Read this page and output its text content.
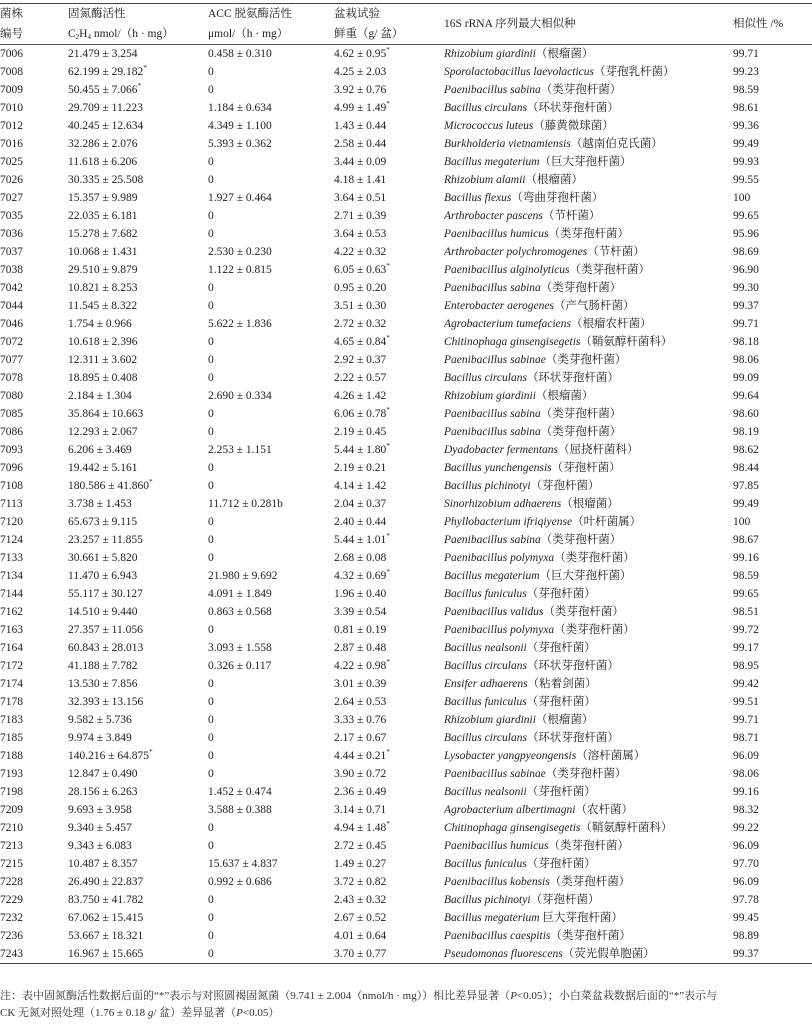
菌株	固氮酶活性	ACC 脱氨酶活性	盆栽试验	16S rRNA 序列最大相似种	相似性 /%
编号	$C_2H_4$ nmol/（h · mg）	μmol/（h · mg）	鲜重（g/ 盆）		
7006	21.479 ± 3.254	0.458 ± 0.310	4.62 ± 0.95*	Rhizobium giardinii（根瘤菌）	99.71
7008	62.199 ± 29.182*	0	4.25 ± 2.03	Sporolactobacillus laevolacticus（芽孢乳杆菌）	99.23
7009	50.455 ± 7.066*	0	3.92 ± 0.76	Paenibacillus sabina（类芽孢杆菌）	98.59
7010	29.709 ± 11.223	1.184 ± 0.634	4.99 ± 1.49*	Bacillus circulans（环状芽孢杆菌）	98.61
7012	40.245 ± 12.634	4.349 ± 1.100	1.43 ± 0.44	Micrococcus luteus（藤黄微球菌）	99.36
7016	32.286 ± 2.076	5.393 ± 0.362	2.58 ± 0.44	Burkholderia vietnamiensis（越南伯克氏菌）	99.49
7025	11.618 ± 6.206	0	3.44 ± 0.09	Bacillus megaterium（巨大芽孢杆菌）	99.93
7026	30.335 ± 25.508	0	4.18 ± 1.41	Rhizobium alamii（根瘤菌）	99.55
7027	15.357 ± 9.989	1.927 ± 0.464	3.64 ± 0.51	Bacillus flexus（弯曲芽孢杆菌）	100
7035	22.035 ± 6.181	0	2.71 ± 0.39	Arthrobacter pascens（节杆菌）	99.65
7036	15.278 ± 7.682	0	3.64 ± 0.53	Paenibacillus humicus（类芽孢杆菌）	95.96
7037	10.068 ± 1.431	2.530 ± 0.230	4.22 ± 0.32	Arthrobacter polychromogenes（节杆菌）	98.69
7038	29.510 ± 9.879	1.122 ± 0.815	6.05 ± 0.63*	Paenibacillus alginolyticus（类芽孢杆菌）	96.90
7042	10.821 ± 8.253	0	0.95 ± 0.20	Paenibacillus sabina（类芽孢杆菌）	99.30
7044	11.545 ± 8.322	0	3.51 ± 0.30	Enterobacter aerogenes（产气肠杆菌）	99.37
7046	1.754 ± 0.966	5.622 ± 1.836	2.72 ± 0.32	Agrobacterium tumefaciens（根瘤农杆菌）	99.71
7072	10.618 ± 2.396	0	4.65 ± 0.84*	Chitinophaga ginsengisegetis（鞘氨醇杆菌科）	98.18
7077	12.311 ± 3.602	0	2.92 ± 0.37	Paenibacillus sabinae（类芽孢杆菌）	98.06
7078	18.895 ± 0.408	0	2.22 ± 0.57	Bacillus circulans（环状芽孢杆菌）	99.09
7080	2.184 ± 1.304	2.690 ± 0.334	4.26 ± 1.42	Rhizobium giardinii（根瘤菌）	99.64
7085	35.864 ± 10.663	0	6.06 ± 0.78*	Paenibacillus sabina（类芽孢杆菌）	98.60
7086	12.293 ± 2.067	0	2.19 ± 0.45	Paenibacillus sabina（类芽孢杆菌）	98.19
7093	6.206 ± 3.469	2.253 ± 1.151	5.44 ± 1.80*	Dyadobacter fermentans（屈挠杆菌科）	98.62
7096	19.442 ± 5.161	0	2.19 ± 0.21	Bacillus yunchengensis（芽孢杆菌）	98.44
7108	180.586 ± 41.860*	0	4.14 ± 1.42	Bacillus pichinotyi（芽孢杆菌）	97.85
7113	3.738 ± 1.453	11.712 ± 0.281b	2.04 ± 0.37	Sinorhizobium adhaerens（根瘤菌）	99.49
7120	65.673 ± 9.115	0	2.40 ± 0.44	Phyllobacterium ifriqiyense（叶杆菌属）	100
7124	23.257 ± 11.855	0	5.44 ± 1.01*	Paenibacillus sabina（类芽孢杆菌）	98.67
7133	30.661 ± 5.820	0	2.68 ± 0.08	Paenibacillus polymyxa（类芽孢杆菌）	99.16
7134	11.470 ± 6.943	21.980 ± 9.692	4.32 ± 0.69*	Bacillus megaterium（巨大芽孢杆菌）	98.59
7144	55.117 ± 30.127	4.091 ± 1.849	1.96 ± 0.40	Bacillus funiculus（芽孢杆菌）	99.65
7162	14.510 ± 9.440	0.863 ± 0.568	3.39 ± 0.54	Paenibacillus validus（类芽孢杆菌）	98.51
7163	27.357 ± 11.056	0	0.81 ± 0.19	Paenibacillus polymyxa（类芽孢杆菌）	99.72
7164	60.843 ± 28.013	3.093 ± 1.558	2.87 ± 0.48	Bacillus nealsonii（芽孢杆菌）	99.17
7172	41.188 ± 7.782	0.326 ± 0.117	4.22 ± 0.98*	Bacillus circulans（环状芽孢杆菌）	98.95
7174	13.530 ± 7.856	0	3.01 ± 0.39	Ensifer adhaerens（粘着剑菌）	99.42
7178	32.393 ± 13.156	0	2.64 ± 0.53	Bacillus funiculus（芽孢杆菌）	99.51
7183	9.582 ± 5.736	0	3.33 ± 0.76	Rhizobium giardinii（根瘤菌）	99.71
7185	9.974 ± 3.849	0	2.17 ± 0.67	Bacillus circulans（环状芽孢杆菌）	98.71
7188	140.216 ± 64.875*	0	4.44 ± 0.21*	Lysobacter yangpyeongensis（溶杆菌属）	96.09
7193	12.847 ± 0.490	0	3.90 ± 0.72	Paenibacillus sabinae（类芽孢杆菌）	98.06
7198	28.156 ± 6.263	1.452 ± 0.474	2.36 ± 0.49	Bacillus nealsonii（芽孢杆菌）	99.16
7209	9.693 ± 3.958	3.588 ± 0.388	3.14 ± 0.71	Agrobacterium albertimagni（农杆菌）	98.32
7210	9.340 ± 5.457	0	4.94 ± 1.48*	Chitinophaga ginsengisegetis（鞘氨醇杆菌科）	99.22
7213	9.343 ± 6.083	0	2.72 ± 0.45	Paenibacillus humicus（类芽孢杆菌）	96.09
7215	10.487 ± 8.357	15.637 ± 4.837	1.49 ± 0.27	Bacillus funiculus（芽孢杆菌）	97.70
7228	26.490 ± 22.837	0.992 ± 0.686	3.72 ± 0.82	Paenibacillus kobensis（类芽孢杆菌）	96.09
7229	83.750 ± 41.782	0	2.43 ± 0.32	Bacillus pichinotyi（芽孢杆菌）	97.78
7232	67.062 ± 15.415	0	2.67 ± 0.52	Bacillus megaterium 巨大芽孢杆菌）	99.45
7236	53.667 ± 18.321	0	4.01 ± 0.64	Paenibacillus caespitis（类芽孢杆菌）	98.89
7243	16.967 ± 15.665	0	3.70 ± 0.77	Pseudomonas fluorescens（荧光假单胞菌）	99.37
注：表中固氮酶活性数据后面的“*”表示与对照圆褐固氮菌（9.741 ± 2.004（nmol/h · mg））相比差异显著（P<0.05）；小白菜盆栽数据后面的“*”表示与
CK 无氮对照处理（1.76 ± 0.18 g/ 盆）差异显著（P<0.05）
